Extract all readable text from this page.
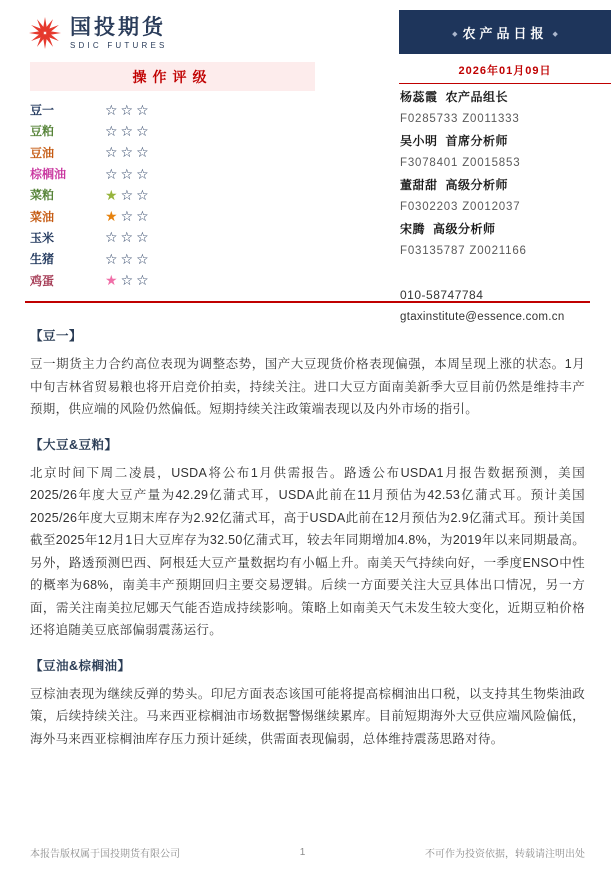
国投期货
SDIC FUTURES
◆ 农产品日报 ◆
2026年01月09日
操作评级
豆一	☆☆☆
豆粕	☆☆☆
豆油	☆☆☆
棕榈油	☆☆☆
菜粕	★☆☆
菜油	★☆☆
玉米	☆☆☆
生猪	☆☆☆
鸡蛋	★☆☆
杨蕊霞 农产品组长
F0285733 Z0011333
吴小明 首席分析师
F3078401 Z0015853
董甜甜 高级分析师
F0302203 Z0012037
宋腾 高级分析师
F03135787 Z0021166
010-58747784
gtaxinstitute@essence.com.cn
【豆一】

豆一期货主力合约高位表现为调整态势，国产大豆现货价格表现偏强，本周呈现上涨的状态。1月中旬吉林省贸易粮也将开启竞价拍卖，持续关注。进口大豆方面南美新季大豆目前仍然是维持丰产预期，供应端的风险仍然偏低。短期持续关注政策端表现以及内外市场的指引。

【大豆&豆粕】

北京时间下周二凌晨，USDA将公布1月供需报告。路透公布USDA1月报告数据预测，美国2025/26年度大豆产量为42.29亿蒲式耳，USDA此前在11月预估为42.53亿蒲式耳。预计美国2025/26年度大豆期末库存为2.92亿蒲式耳，高于USDA此前在12月预估为2.9亿蒲式耳。预计美国截至2025年12月1日大豆库存为32.50亿蒲式耳，较去年同期增加4.8%，为2019年以来同期最高。另外，路透预测巴西、阿根廷大豆产量数据均有小幅上升。南美天气持续向好，一季度ENSO中性的概率为68%，南美丰产预期回归主要交易逻辑。后续一方面要关注大豆具体出口情况，另一方面，需关注南美拉尼娜天气能否造成持续影响。策略上如南美天气未发生较大变化，近期豆粕价格还将追随美豆底部偏弱震荡运行。

【豆油&棕榈油】

豆棕油表现为继续反弹的势头。印尼方面表态该国可能将提高棕榈油出口税，以支持其生物柴油政策，后续持续关注。马来西亚棕榈油市场数据警惕继续累库。目前短期海外大豆供应端风险偏低，海外马来西亚棕榈油库存压力预计延续，供需面表现偏弱，总体维持震荡思路对待。

本报告版权属于国投期货有限公司	1	不可作为投资依据，转载请注明出处
